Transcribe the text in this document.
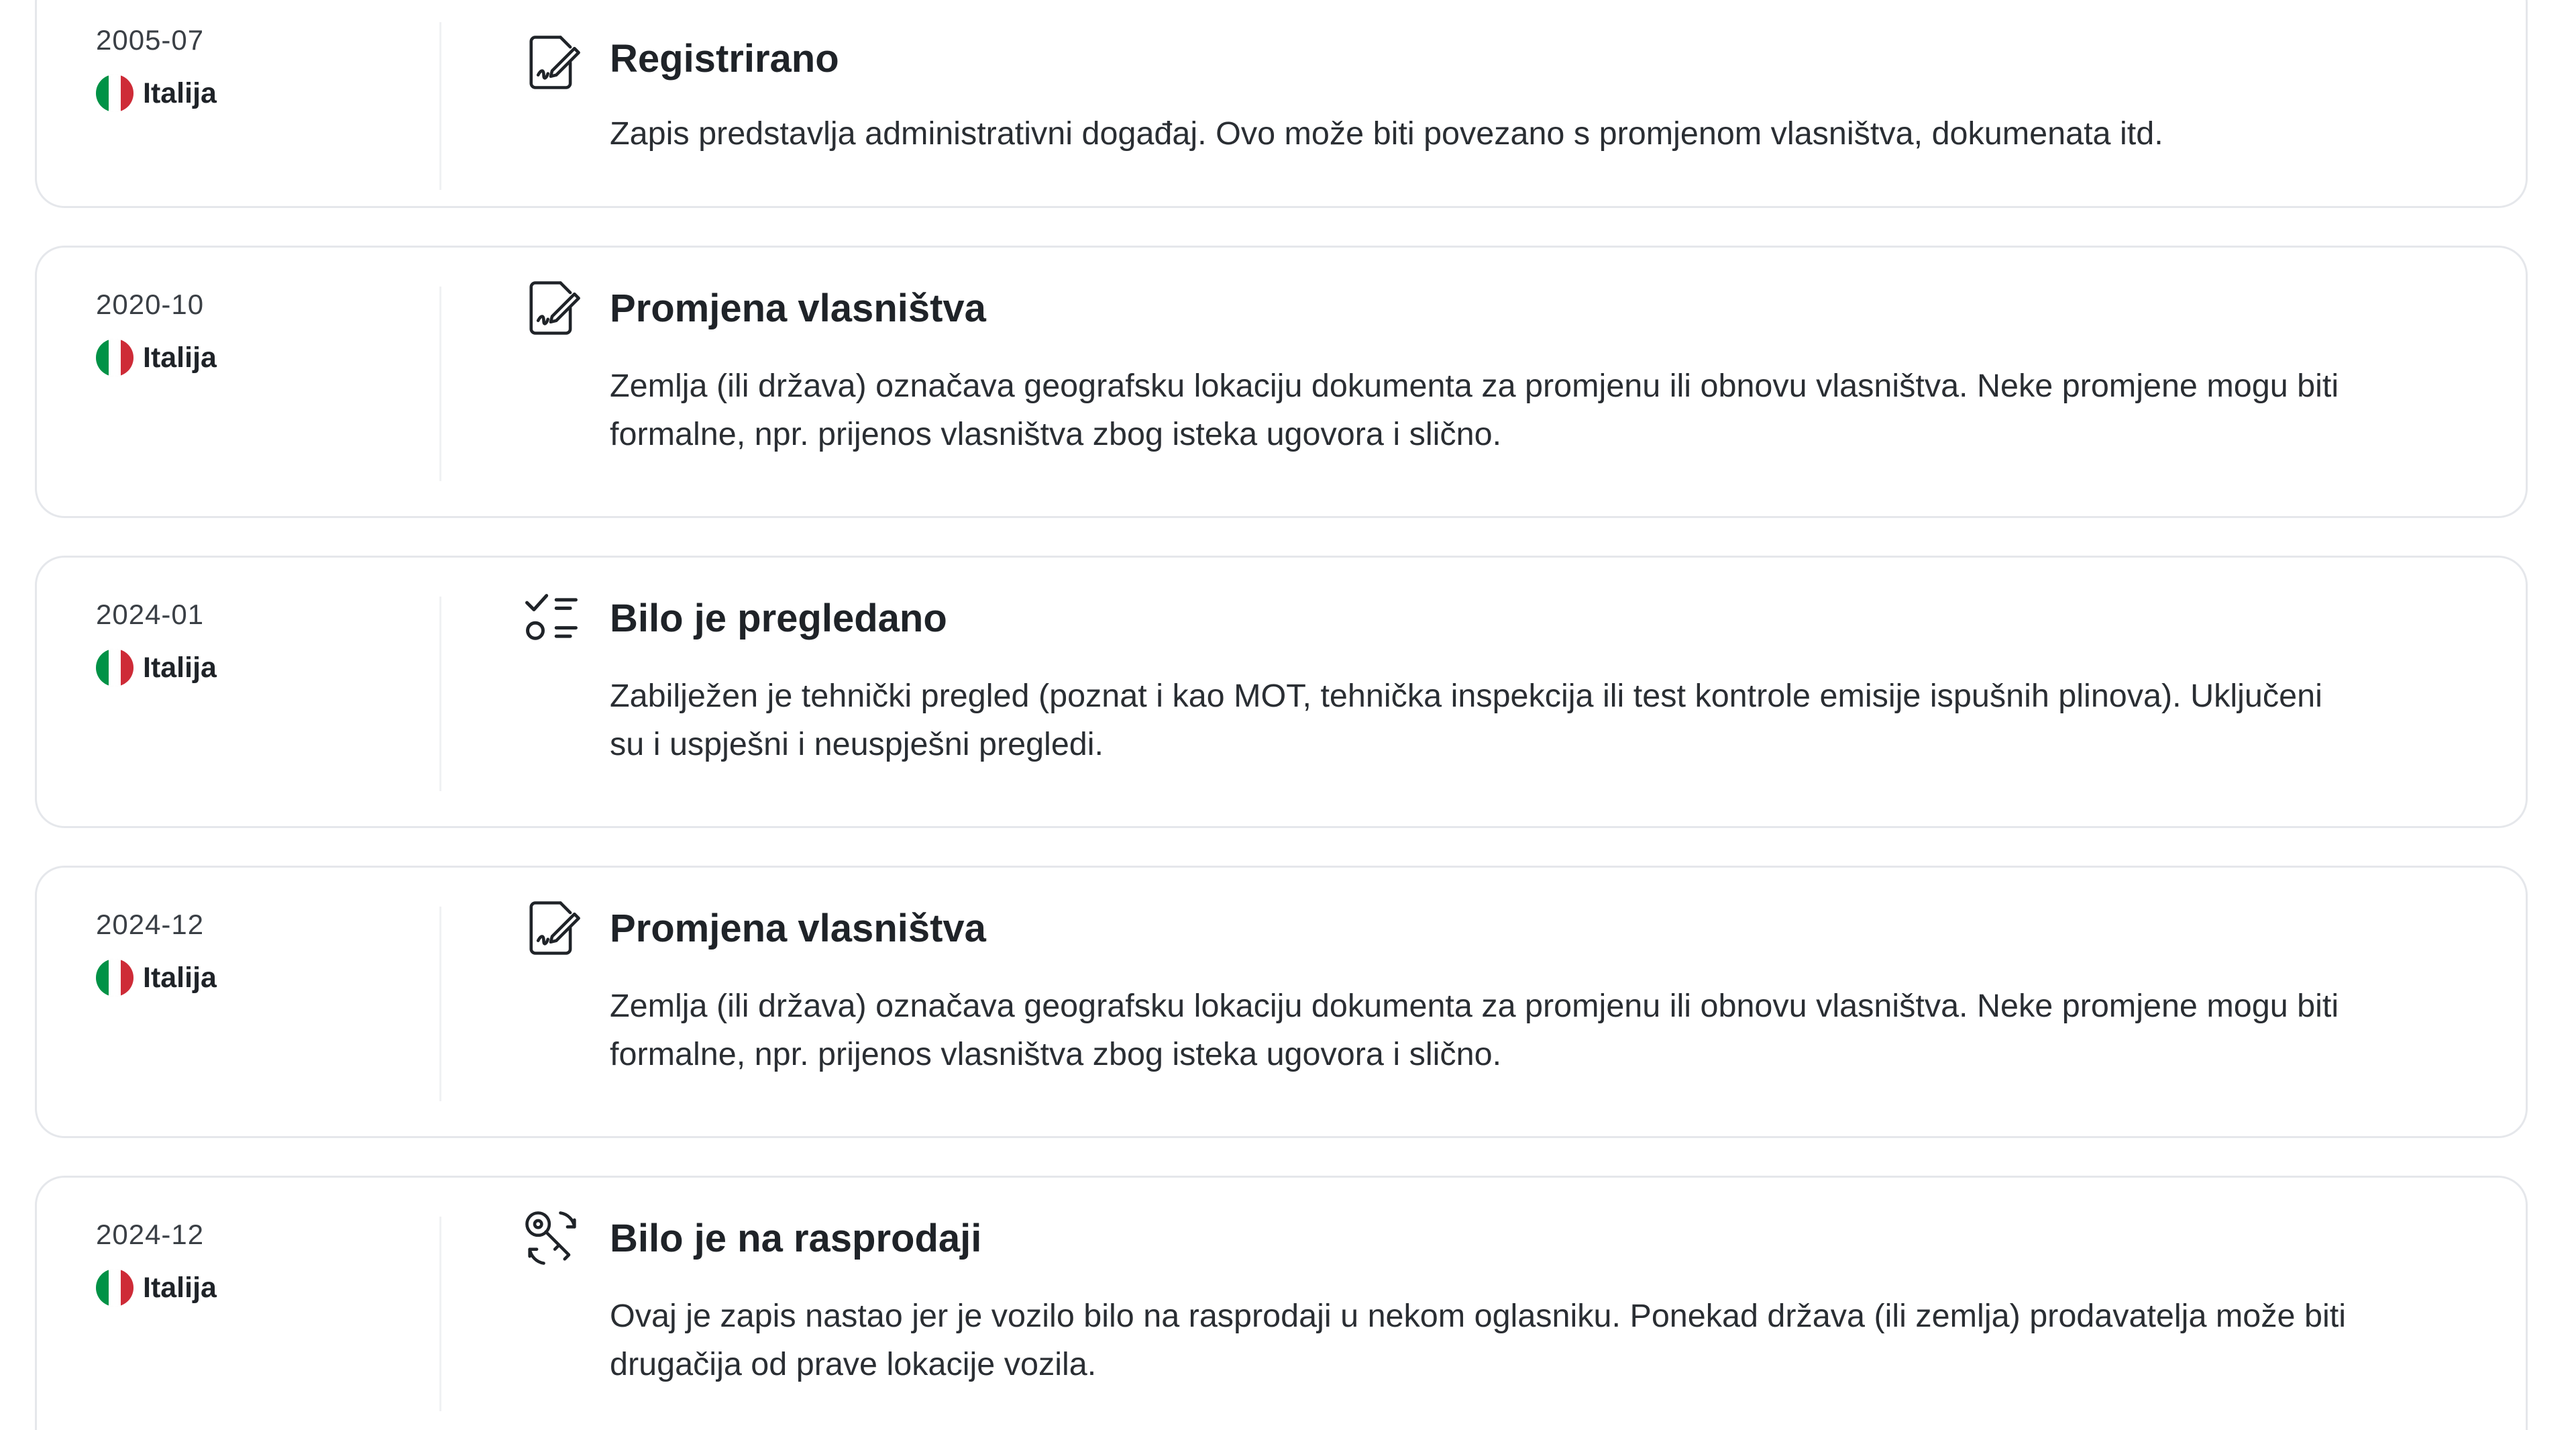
2005-07
Italija
Registrirano
Zapis predstavlja administrativni događaj. Ovo može biti povezano s promjenom vlasništva, dokumenata itd.
2020-10
Italija
Promjena vlasništva
Zemlja (ili država) označava geografsku lokaciju dokumenta za promjenu ili obnovu vlasništva. Neke promjene mogu biti
formalne, npr. prijenos vlasništva zbog isteka ugovora i slično.
2024-01
Italija
Bilo je pregledano
Zabilježen je tehnički pregled (poznat i kao MOT, tehnička inspekcija ili test kontrole emisije ispušnih plinova). Uključeni
su i uspješni i neuspješni pregledi.
2024-12
Italija
Promjena vlasništva
Zemlja (ili država) označava geografsku lokaciju dokumenta za promjenu ili obnovu vlasništva. Neke promjene mogu biti
formalne, npr. prijenos vlasništva zbog isteka ugovora i slično.
2024-12
Italija
Bilo je na rasprodaji
Ovaj je zapis nastao jer je vozilo bilo na rasprodaji u nekom oglasniku. Ponekad država (ili zemlja) prodavatelja može biti
drugačija od prave lokacije vozila.
